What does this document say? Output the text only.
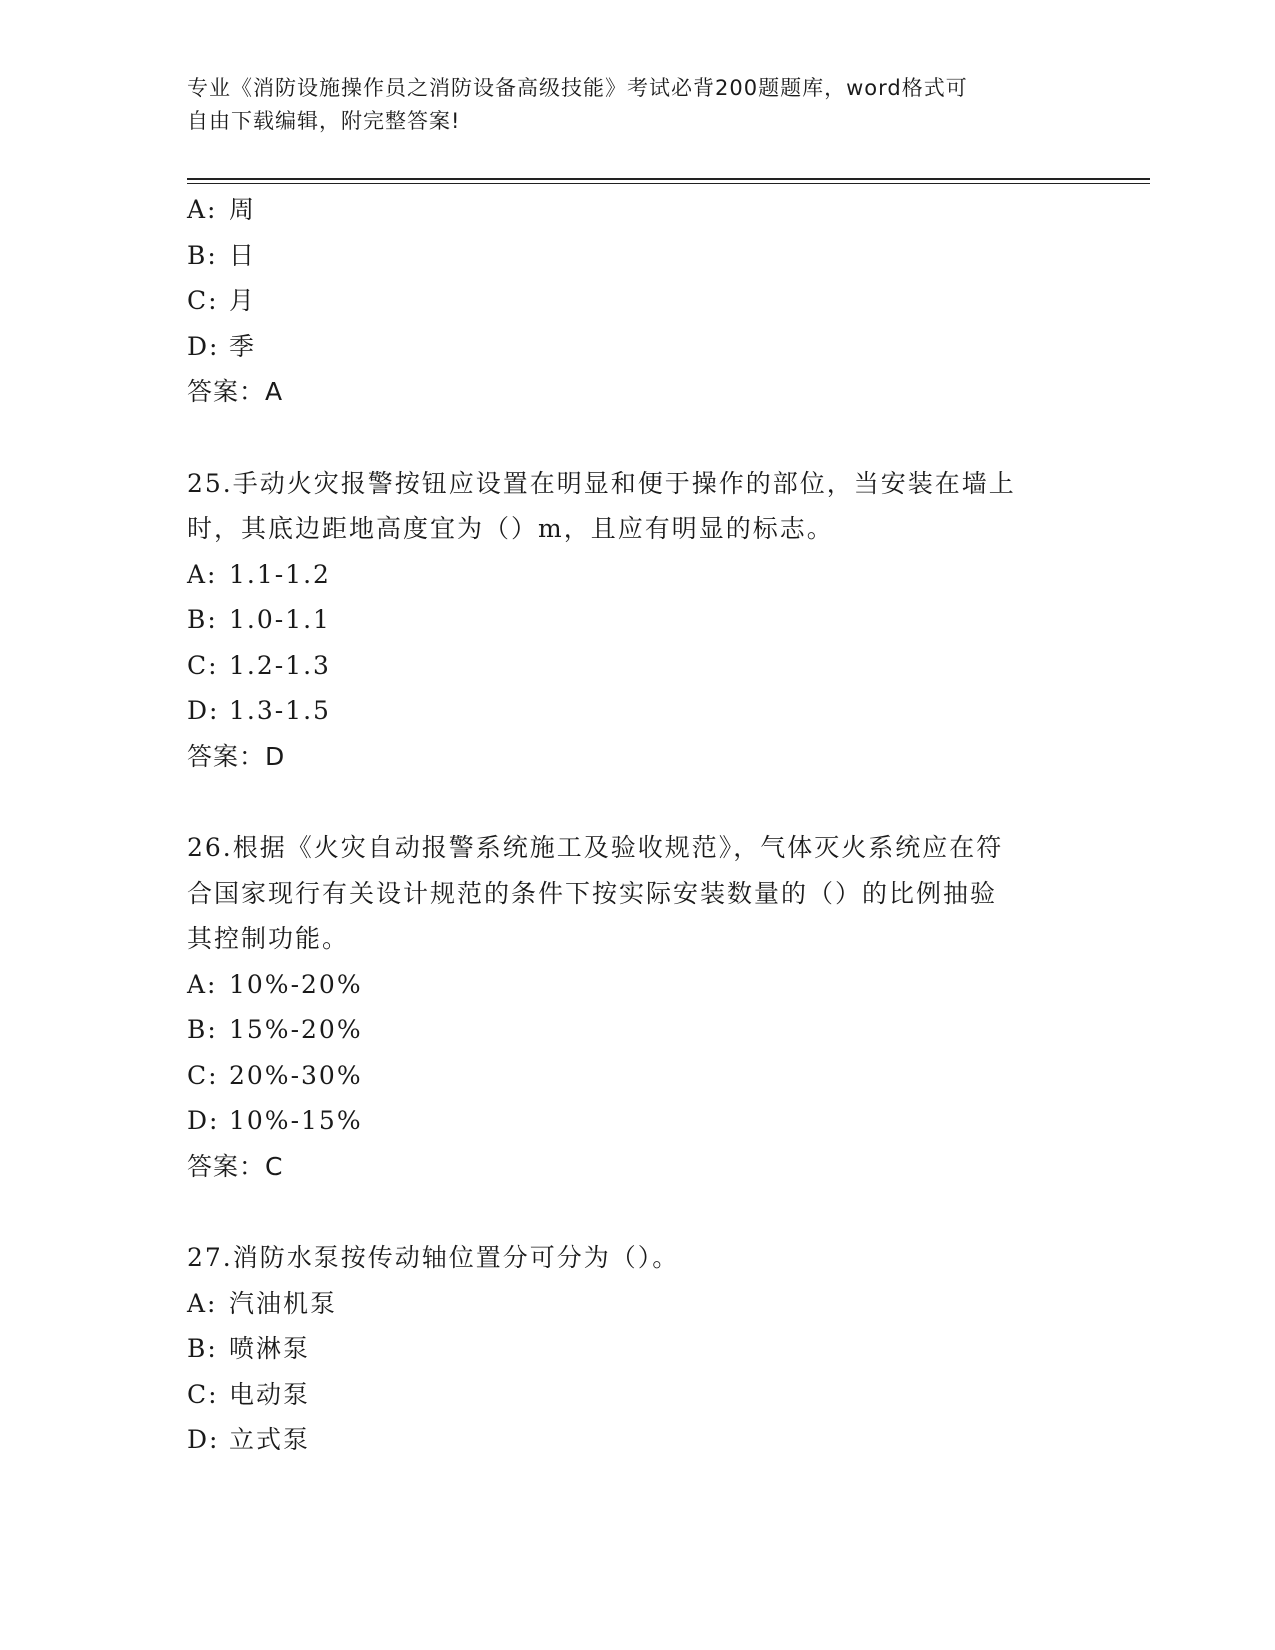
专业《消防设施操作员之消防设备高级技能》考试必背200题题库，word格式可
自由下载编辑，附完整答案!

A: 周

B: 日

C: 月

D: 季

答案：A

25.手动火灾报警按钮应设置在明显和便于操作的部位，当安装在墙上

时，其底边距地高度宜为（）m，且应有明显的标志。

A: 1.1-1.2

B: 1.0-1.1

C: 1.2-1.3

D: 1.3-1.5

答案：D

26.根据《火灾自动报警系统施工及验收规范》，气体灭火系统应在符

合国家现行有关设计规范的条件下按实际安装数量的（）的比例抽验

其控制功能。

A: 10%-20%

B: 15%-20%

C: 20%-30%

D: 10%-15%

答案：C

27.消防水泵按传动轴位置分可分为（）。

A: 汽油机泵

B: 喷淋泵

C: 电动泵

D: 立式泵
